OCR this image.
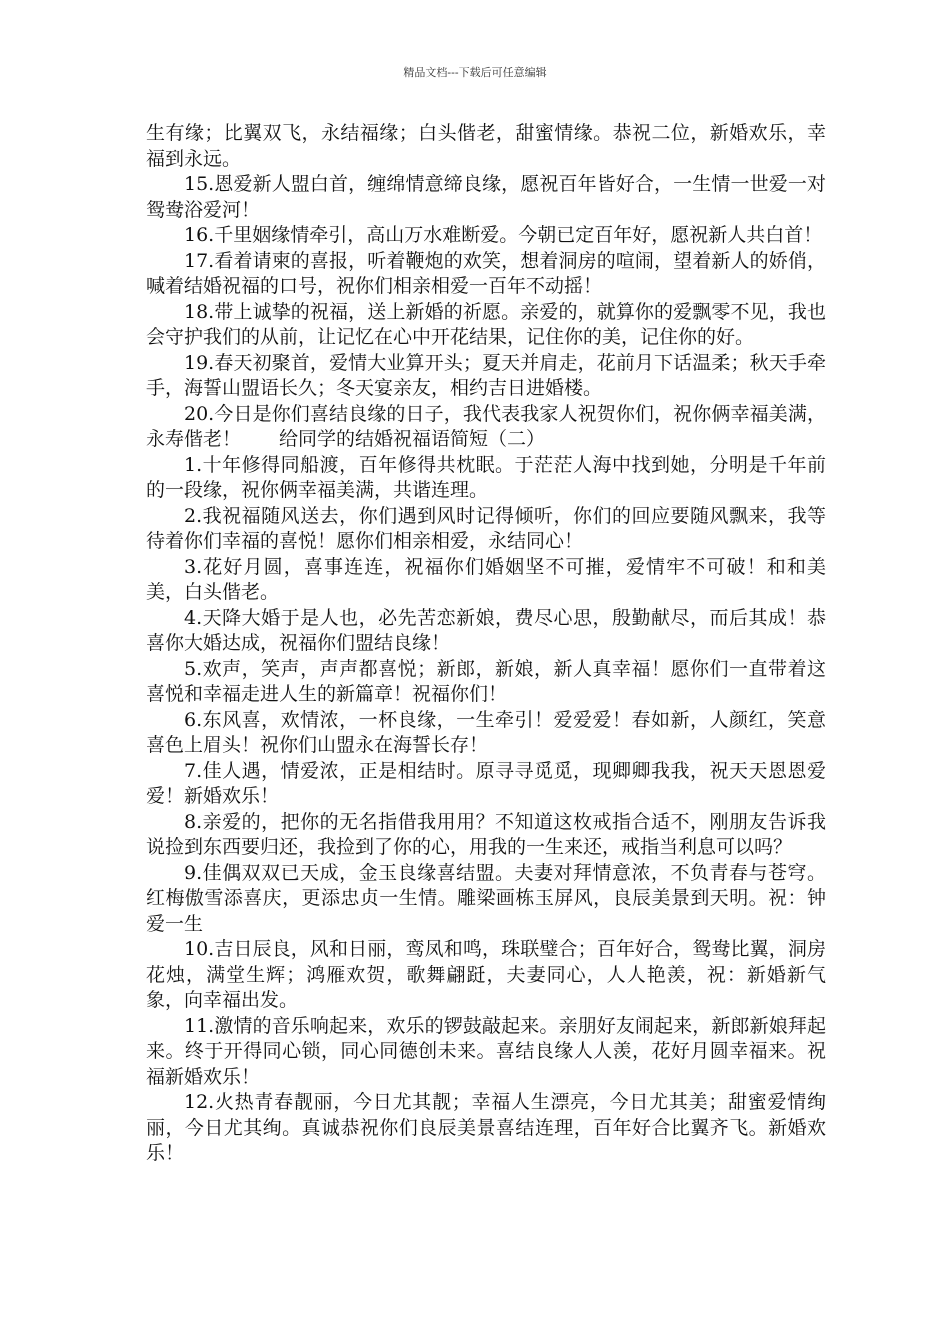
精品文档---下载后可任意编辑

生有缘；比翼双飞，永结福缘；白头偕老，甜蜜情缘。恭祝二位，新婚欢乐，幸福到永远。

15.恩爱新人盟白首，缠绵情意缔良缘，愿祝百年皆好合，一生情一世爱一对鸳鸯浴爱河！

16.千里姻缘情牵引，高山万水难断爱。今朝已定百年好，愿祝新人共白首！

17.看着请柬的喜报，听着鞭炮的欢笑，想着洞房的喧闹，望着新人的娇俏，喊着结婚祝福的口号，祝你们相亲相爱一百年不动摇！

18.带上诚挚的祝福，送上新婚的祈愿。亲爱的，就算你的爱飘零不见，我也会守护我们的从前，让记忆在心中开花结果，记住你的美，记住你的好。

19.春天初聚首，爱情大业算开头；夏天并肩走，花前月下话温柔；秋天手牵手，海誓山盟语长久；冬天宴亲友，相约吉日进婚楼。

20.今日是你们喜结良缘的日子，我代表我家人祝贺你们，祝你俩幸福美满，永寿偕老！　　给同学的结婚祝福语简短（二）

1.十年修得同船渡，百年修得共枕眠。于茫茫人海中找到她，分明是千年前的一段缘，祝你俩幸福美满，共谐连理。

2.我祝福随风送去，你们遇到风时记得倾听，你们的回应要随风飘来，我等待着你们幸福的喜悦！愿你们相亲相爱，永结同心！

3.花好月圆，喜事连连，祝福你们婚姻坚不可摧，爱情牢不可破！和和美美，白头偕老。

4.天降大婚于是人也，必先苦恋新娘，费尽心思，殷勤献尽，而后其成！恭喜你大婚达成，祝福你们盟结良缘！

5.欢声，笑声，声声都喜悦；新郎，新娘，新人真幸福！愿你们一直带着这喜悦和幸福走进人生的新篇章！祝福你们！

6.东风喜，欢情浓，一杯良缘，一生牵引！爱爱爱！春如新，人颜红，笑意喜色上眉头！祝你们山盟永在海誓长存！

7.佳人遇，情爱浓，正是相结时。原寻寻觅觅，现卿卿我我，祝天天恩恩爱爱！新婚欢乐！

8.亲爱的，把你的无名指借我用用？不知道这枚戒指合适不，刚朋友告诉我说捡到东西要归还，我捡到了你的心，用我的一生来还，戒指当利息可以吗？

9.佳偶双双已天成，金玉良缘喜结盟。夫妻对拜情意浓，不负青春与苍穹。红梅傲雪添喜庆，更添忠贞一生情。雕梁画栋玉屏风，良辰美景到天明。祝：钟爱一生

10.吉日辰良，风和日丽，鸾凤和鸣，珠联璧合；百年好合，鸳鸯比翼，洞房花烛，满堂生辉；鸿雁欢贺，歌舞翩跹，夫妻同心，人人艳羡，祝：新婚新气象，向幸福出发。

11.激情的音乐响起来，欢乐的锣鼓敲起来。亲朋好友闹起来，新郎新娘拜起来。终于开得同心锁，同心同德创未来。喜结良缘人人羡，花好月圆幸福来。祝福新婚欢乐！

12.火热青春靓丽，今日尤其靓；幸福人生漂亮，今日尤其美；甜蜜爱情绚丽，今日尤其绚。真诚恭祝你们良辰美景喜结连理，百年好合比翼齐飞。新婚欢乐！
